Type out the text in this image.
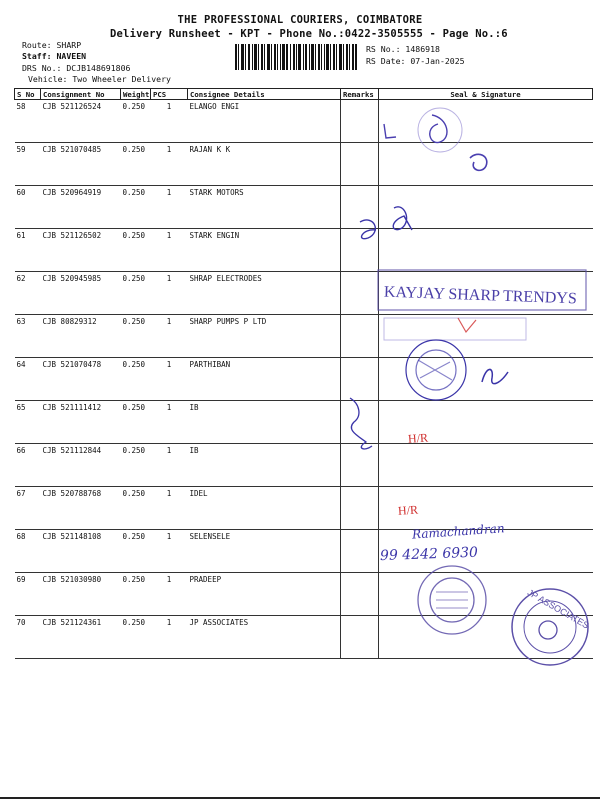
THE PROFESSIONAL COURIERS, COIMBATORE
Delivery Runsheet - KPT - Phone No.:0422-3505555 - Page No.:6
Route: SHARP
Staff: NAVEEN
DRS No.: DCJB148691806
Vehicle: Two Wheeler Delivery
RS No.: 1486918
RS Date: 07-Jan-2025
S No	Consignment No	Weight	PCS	Consignee Details	Remarks	Seal & Signature
58	CJB 521126524	0.250	1	ELANGO ENGI		
59	CJB 521070485	0.250	1	RAJAN K K		
60	CJB 520964919	0.250	1	STARK MOTORS		
61	CJB 521126502	0.250	1	STARK ENGIN		
62	CJB 520945985	0.250	1	SHRAP ELECTRODES		
63	CJB 80829312	0.250	1	SHARP PUMPS P LTD		
64	CJB 521070478	0.250	1	PARTHIBAN		
65	CJB 521111412	0.250	1	IB		
66	CJB 521112844	0.250	1	IB		
67	CJB 520788768	0.250	1	IDEL		
68	CJB 521148108	0.250	1	SELENSELE		
69	CJB 521030980	0.250	1	PRADEEP		
70	CJB 521124361	0.250	1	JP ASSOCIATES		
KAYJAY SHARP TRENDYS
H/R
H/R
Ramachandran
99 4242 6930
JP ASSOCIATES
